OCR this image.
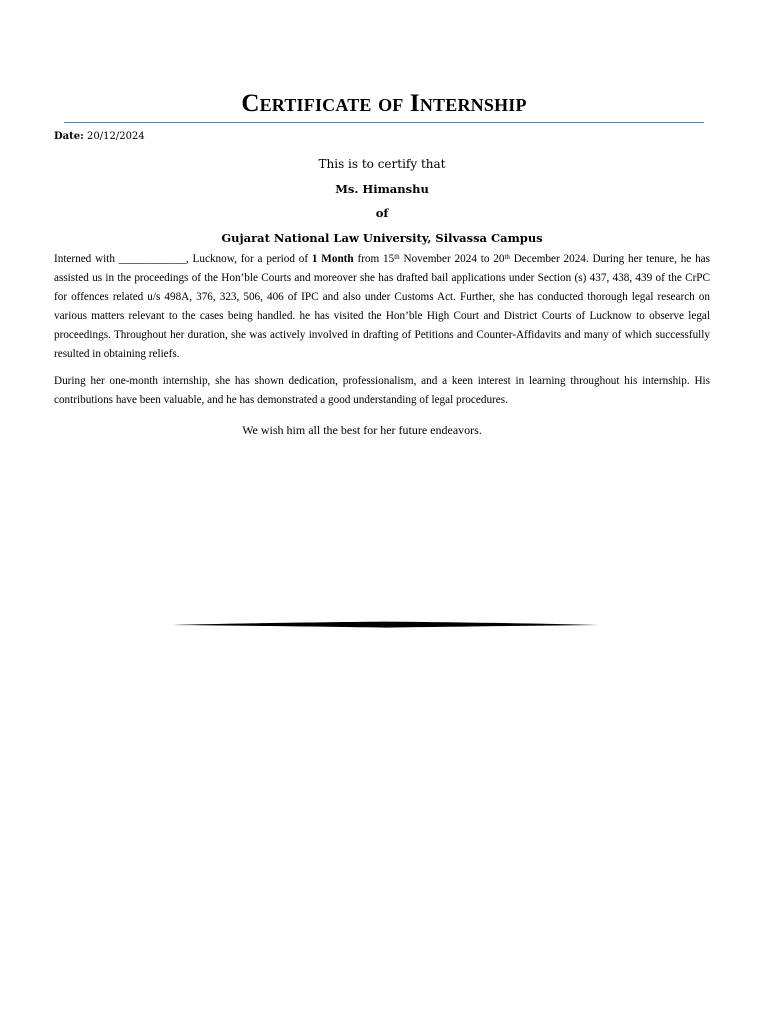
Certificate of Internship
Date: 20/12/2024
This is to certify that
Ms. Himanshu
of
Gujarat National Law University, Silvassa Campus

Interned with ____________, Lucknow, for a period of 1 Month from 15th November 2024 to 20th December 2024. During her tenure, he has assisted us in the proceedings of the Hon’ble Courts and moreover she has drafted bail applications under Section (s) 437, 438, 439 of the CrPC for offences related u/s 498A, 376, 323, 506, 406 of IPC and also under Customs Act. Further, she has conducted thorough legal research on various matters relevant to the cases being handled. he has visited the Hon’ble High Court and District Courts of Lucknow to observe legal proceedings. Throughout her duration, she was actively involved in drafting of Petitions and Counter-Affidavits and many of which successfully resulted in obtaining reliefs.

During her one-month internship, she has shown dedication, professionalism, and a keen interest in learning throughout his internship. His contributions have been valuable, and he has demonstrated a good understanding of legal procedures.

We wish him all the best for her future endeavors.
